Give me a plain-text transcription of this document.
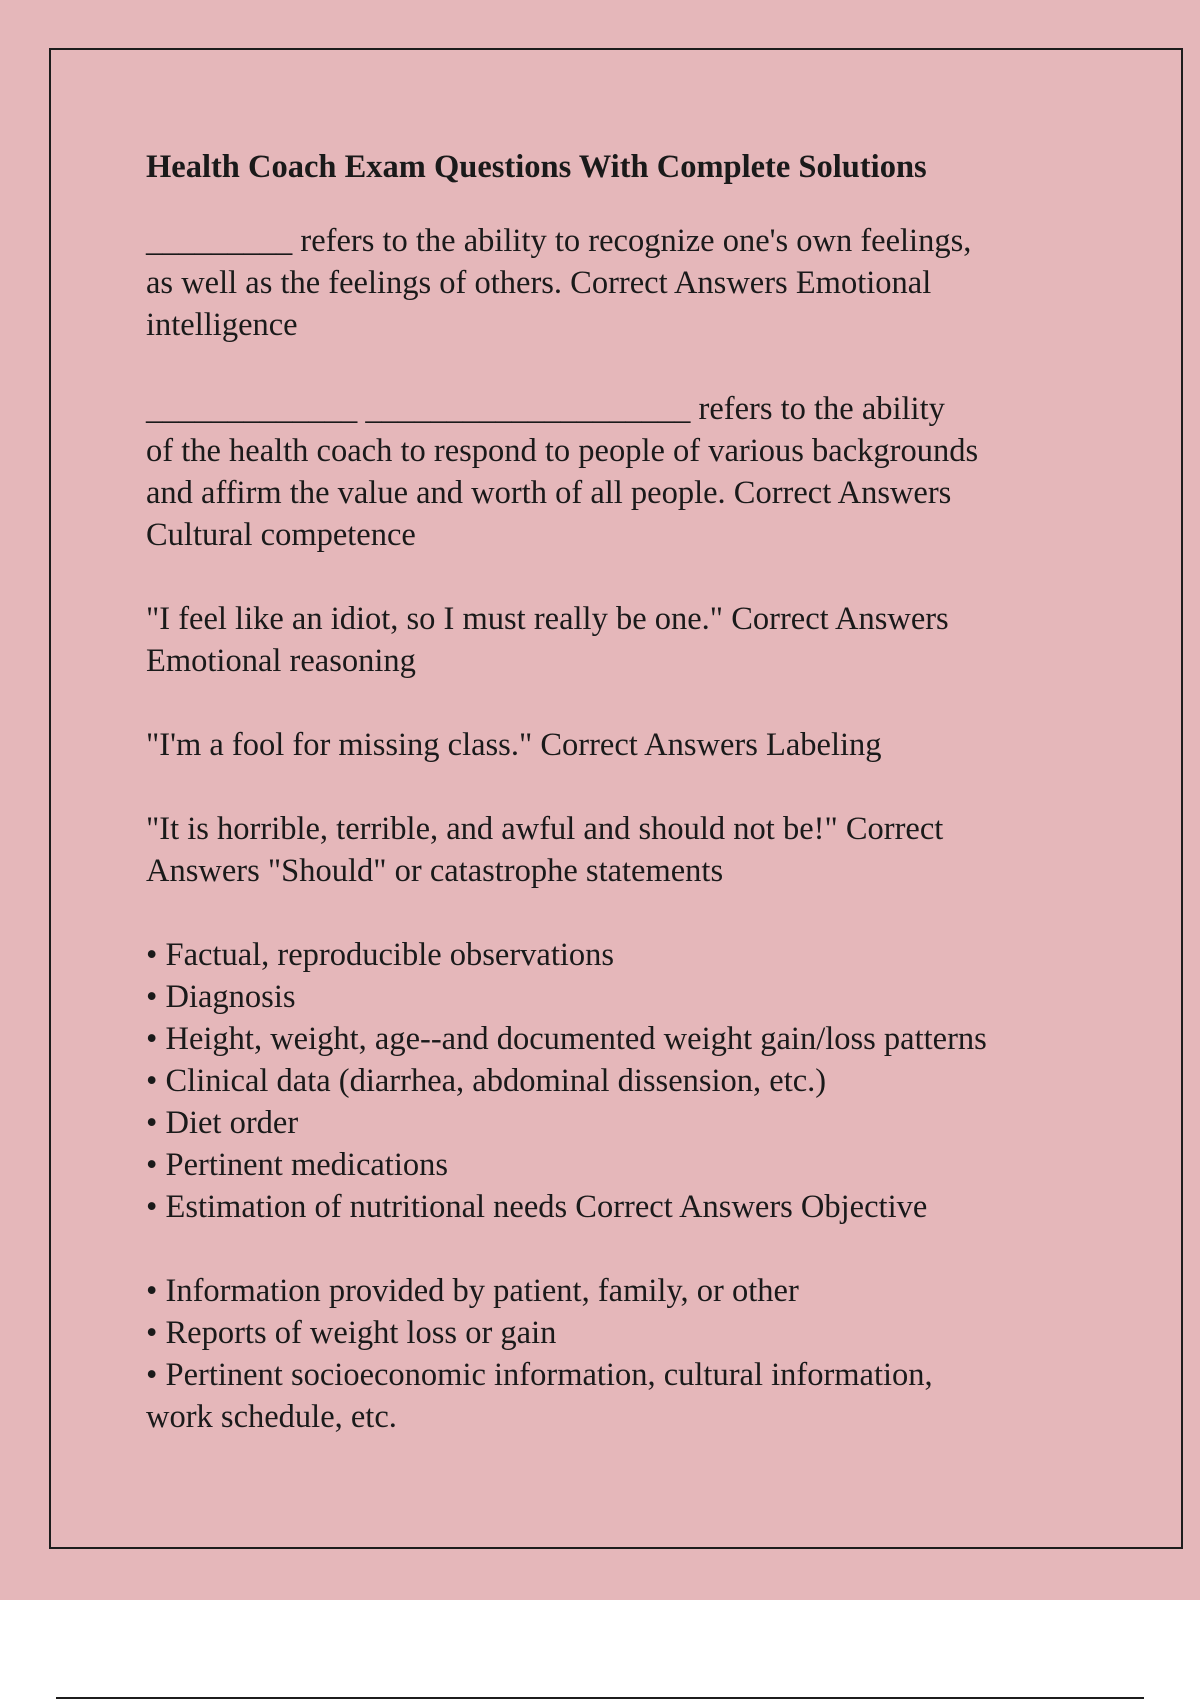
Health Coach Exam Questions With Complete Solutions
_________ refers to the ability to recognize one's own feelings,
as well as the feelings of others. Correct Answers Emotional
intelligence
_____________ ____________________ refers to the ability
of the health coach to respond to people of various backgrounds
and affirm the value and worth of all people. Correct Answers
Cultural competence
"I feel like an idiot, so I must really be one." Correct Answers
Emotional reasoning
"I'm a fool for missing class." Correct Answers Labeling
"It is horrible, terrible, and awful and should not be!" Correct
Answers "Should" or catastrophe statements
• Factual, reproducible observations
• Diagnosis
• Height, weight, age--and documented weight gain/loss patterns
• Clinical data (diarrhea, abdominal dissension, etc.)
• Diet order
• Pertinent medications
• Estimation of nutritional needs Correct Answers Objective
• Information provided by patient, family, or other
• Reports of weight loss or gain
• Pertinent socioeconomic information, cultural information,
work schedule, etc.
